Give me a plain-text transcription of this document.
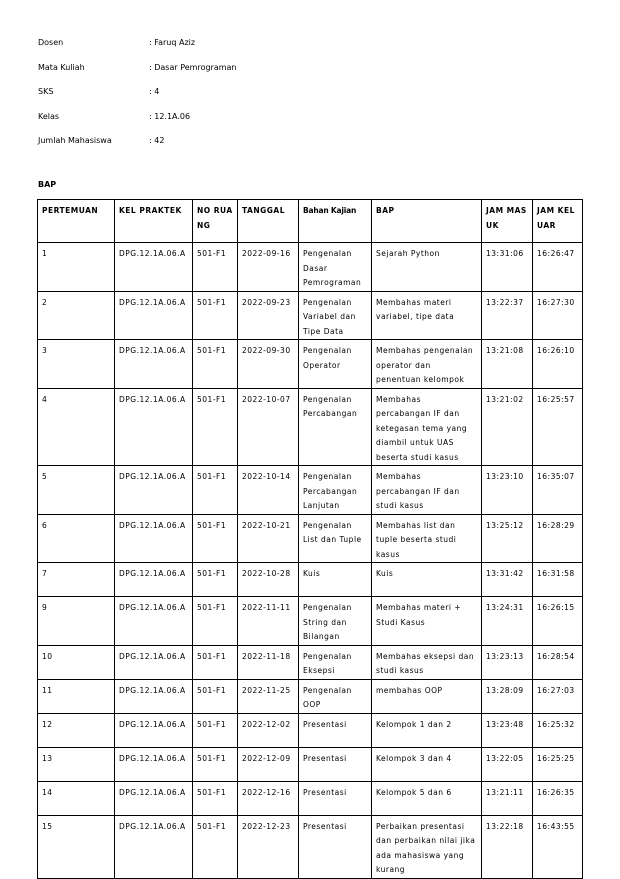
Dosen	: Faruq Aziz
Mata Kuliah	: Dasar Pemrograman
SKS	: 4
Kelas	: 12.1A.06
Jumlah Mahasiswa	: 42
BAP
PERTEMUAN	KEL PRAKTEK	NO RUANG	TANGGAL	Bahan Kajian	BAP	JAM MASUK	JAM KELUAR
1	DPG.12.1A.06.A	501-F1	2022-09-16	Pengenalan Dasar Pemrograman	Sejarah Python	13:31:06	16:26:47
2	DPG.12.1A.06.A	501-F1	2022-09-23	Pengenalan Variabel dan Tipe Data	Membahas materi variabel, tipe data	13:22:37	16:27:30
3	DPG.12.1A.06.A	501-F1	2022-09-30	Pengenalan Operator	Membahas pengenalan operator dan penentuan kelompok	13:21:08	16:26:10
4	DPG.12.1A.06.A	501-F1	2022-10-07	Pengenalan Percabangan	Membahas percabangan IF dan ketegasan tema yang diambil untuk UAS beserta studi kasus	13:21:02	16:25:57
5	DPG.12.1A.06.A	501-F1	2022-10-14	Pengenalan Percabangan Lanjutan	Membahas percabangan IF dan studi kasus	13:23:10	16:35:07
6	DPG.12.1A.06.A	501-F1	2022-10-21	Pengenalan List dan Tuple	Membahas list dan tuple beserta studi kasus	13:25:12	16:28:29
7	DPG.12.1A.06.A	501-F1	2022-10-28	Kuis	Kuis	13:31:42	16:31:58
9	DPG.12.1A.06.A	501-F1	2022-11-11	Pengenalan String dan Bilangan	Membahas materi + Studi Kasus	13:24:31	16:26:15
10	DPG.12.1A.06.A	501-F1	2022-11-18	Pengenalan Eksepsi	Membahas eksepsi dan studi kasus	13:23:13	16:28:54
11	DPG.12.1A.06.A	501-F1	2022-11-25	Pengenalan OOP	membahas OOP	13:28:09	16:27:03
12	DPG.12.1A.06.A	501-F1	2022-12-02	Presentasi	Kelompok 1 dan 2	13:23:48	16:25:32
13	DPG.12.1A.06.A	501-F1	2022-12-09	Presentasi	Kelompok 3 dan 4	13:22:05	16:25:25
14	DPG.12.1A.06.A	501-F1	2022-12-16	Presentasi	Kelompok 5 dan 6	13:21:11	16:26:35
15	DPG.12.1A.06.A	501-F1	2022-12-23	Presentasi	Perbaikan presentasi dan perbaikan nilai jika ada mahasiswa yang kurang	13:22:18	16:43:55
